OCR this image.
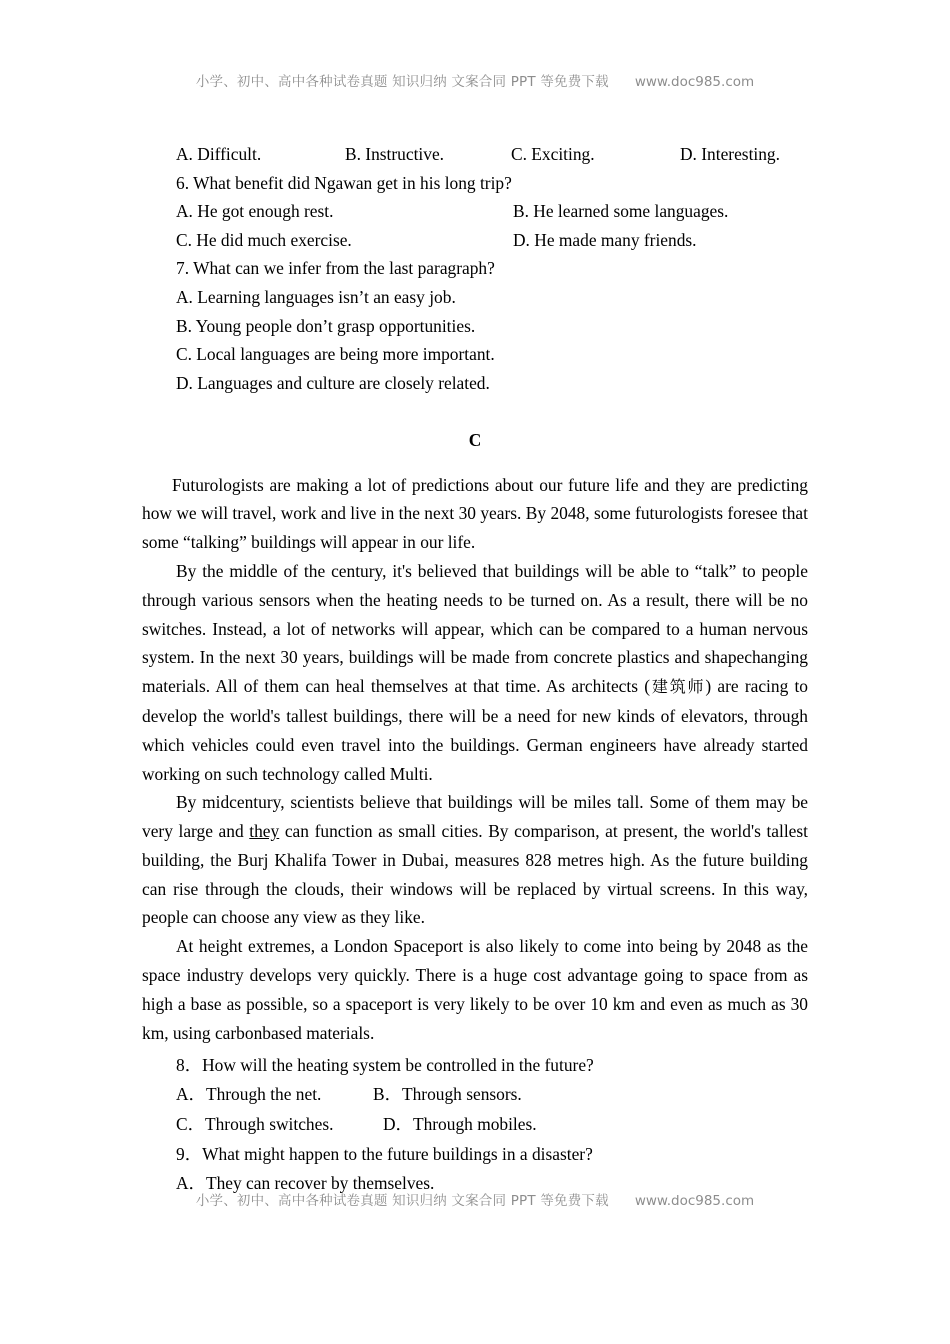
小学、初中、高中各种试卷真题 知识归纳 文案合同 PPT 等免费下载 www.doc985.com
A. Difficult.	B. Instructive.	C. Exciting.	D. Interesting.
6. What benefit did Ngawan get in his long trip?
A. He got enough rest.	B. He learned some languages.
C. He did much exercise.	D. He made many friends.
7. What can we infer from the last paragraph?
A. Learning languages isn’t an easy job.
B. Young people don’t grasp opportunities.
C. Local languages are being more important.
D. Languages and culture are closely related.
C

Futurologists are making a lot of predictions about our future life and they are predicting how we will travel, work and live in the next 30 years. By 2048, some futurologists foresee that some “talking” buildings will appear in our life.

By the middle of the century, it's believed that buildings will be able to “talk” to people through various sensors when the heating needs to be turned on. As a result, there will be no switches. Instead, a lot of networks will appear, which can be compared to a human nervous system. In the next 30 years, buildings will be made from concrete plastics and shapechanging materials. All of them can heal themselves at that time. As architects (建筑师) are racing to develop the world's tallest buildings, there will be a need for new kinds of elevators, through which vehicles could even travel into the buildings. German engineers have already started working on such technology called Multi.

By midcentury, scientists believe that buildings will be miles tall. Some of them may be very large and they can function as small cities. By comparison, at present, the world's tallest building, the Burj Khalifa Tower in Dubai, measures 828 metres high. As the future building can rise through the clouds, their windows will be replaced by virtual screens. In this way, people can choose any view as they like.

At height extremes, a London Spaceport is also likely to come into being by 2048 as the space industry develops very quickly. There is a huge cost advantage going to space from as high a base as possible, so a spaceport is very likely to be over 10 km and even as much as 30 km, using carbonbased materials.

8．How will the heating system be controlled in the future?
A．Through the net.	B．Through sensors.
C．Through switches.	D．Through mobiles.
9．What might happen to the future buildings in a disaster?
A．They can recover by themselves.
小学、初中、高中各种试卷真题 知识归纳 文案合同 PPT 等免费下载 www.doc985.com
